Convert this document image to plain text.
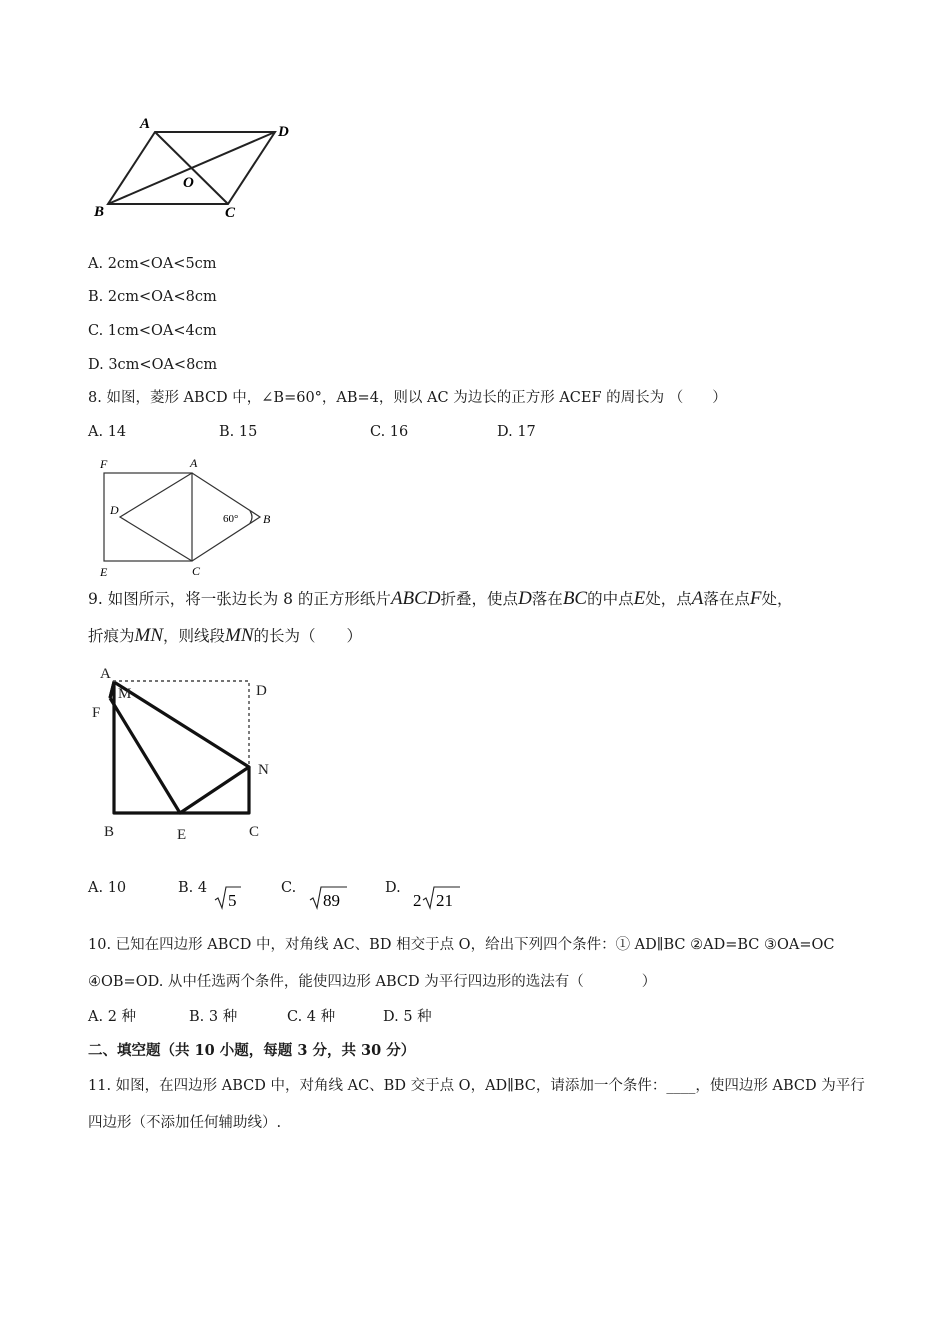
A	D
O
B	C
A. 2cm<OA<5cm
B. 2cm<OA<8cm
C. 1cm<OA<4cm
D. 3cm<OA<8cm
8. 如图，菱形 ABCD 中，∠B=60°，AB=4，则以 AC 为边长的正方形 ACEF 的周长为 （　　）
A. 14	B. 15	C. 16	D. 17
F	A
D
60° B
E	C
9. 如图所示，将一张边长为 8 的正方形纸片ABCD折叠，使点D落在BC的中点E处，点A落在点F处，
折痕为MN，则线段MN的长为（　　）
A
M	D
F
N
B	E	C
A. 10	B. 4
5
C.
89
D.
2 21
10. 已知在四边形 ABCD 中，对角线 AC、BD 相交于点 O，给出下列四个条件：① AD∥BC ②AD=BC ③OA=OC
④OB=OD. 从中任选两个条件，能使四边形 ABCD 为平行四边形的选法有（　　　　）
A. 2 种	B. 3 种	C. 4 种	D. 5 种
二、填空题（共 10 小题，每题 3 分，共 30 分）
11. 如图，在四边形 ABCD 中，对角线 AC、BD 交于点 O，AD∥BC，请添加一个条件：____，使四边形 ABCD 为平行
四边形（不添加任何辅助线）.
